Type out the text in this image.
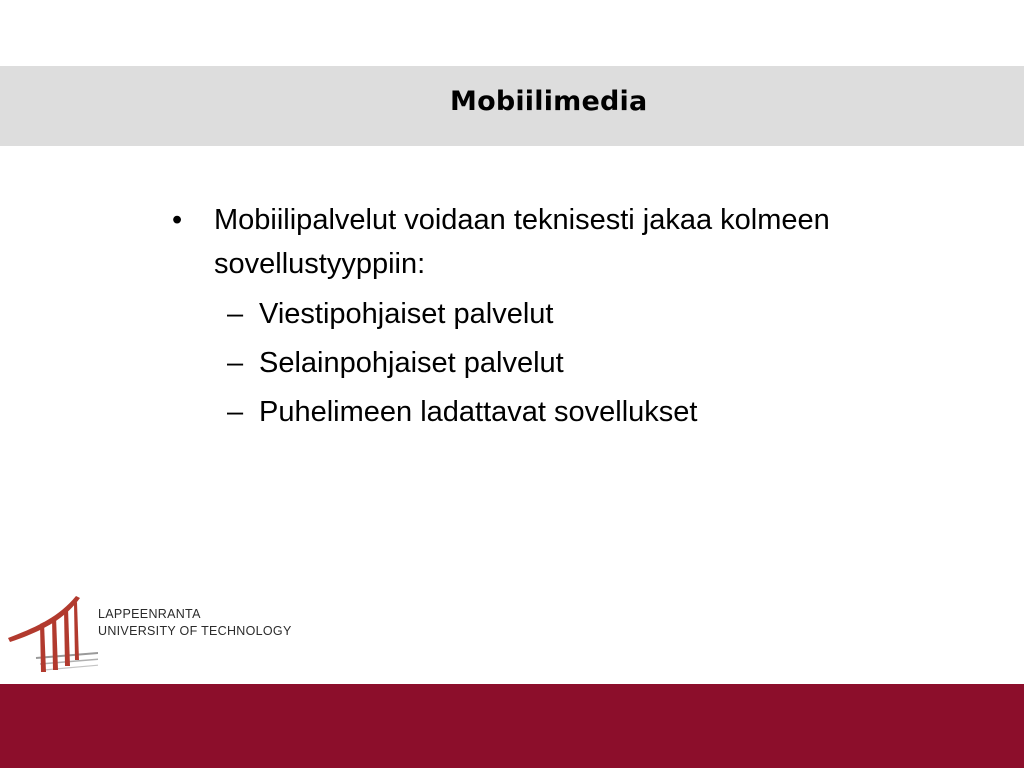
Mobiilimedia
•	Mobiilipalvelut voidaan teknisesti jakaa kolmeen sovellustyyppiin:
– Viestipohjaiset palvelut
– Selainpohjaiset palvelut
– Puhelimeen ladattavat sovellukset
LAPPEENRANTA
UNIVERSITY OF TECHNOLOGY
